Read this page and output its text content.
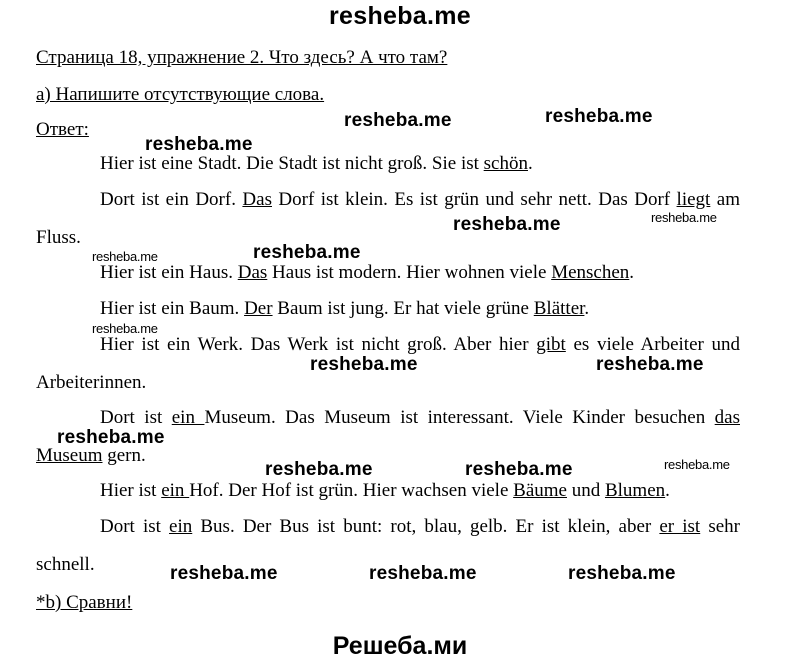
resheba.me
Страница 18, упражнение 2. Что здесь? А что там?
а) Напишите отсутствующие слова.
Ответ:
Hier ist eine Stadt. Die Stadt ist nicht groß. Sie ist schön.
Dort ist ein Dorf. Das Dorf ist klein. Es ist grün und sehr nett. Das Dorf liegt am Fluss.
Hier ist ein Haus. Das Haus ist modern. Hier wohnen viele Menschen.
Hier ist ein Baum. Der Baum ist jung. Er hat viele grüne Blätter.
Hier ist ein Werk. Das Werk ist nicht groß. Aber hier gibt es viele Arbeiter und Arbeiterinnen.
Dort ist ein Museum. Das Museum ist interessant. Viele Kinder besuchen das Museum gern.
Hier ist ein Hof. Der Hof ist grün. Hier wachsen viele Bäume und Blumen.
Dort ist ein Bus. Der Bus ist bunt: rot, blau, gelb. Er ist klein, aber er ist sehr schnell.
*b) Сравни!
resheba.me
resheba.me	resheba.me
resheba.me	resheba.me
resheba.me	resheba.me
resheba.me
resheba.me	resheba.me
resheba.me
resheba.me	resheba.me	resheba.me
resheba.me	resheba.me	resheba.me
Решеба.ми
